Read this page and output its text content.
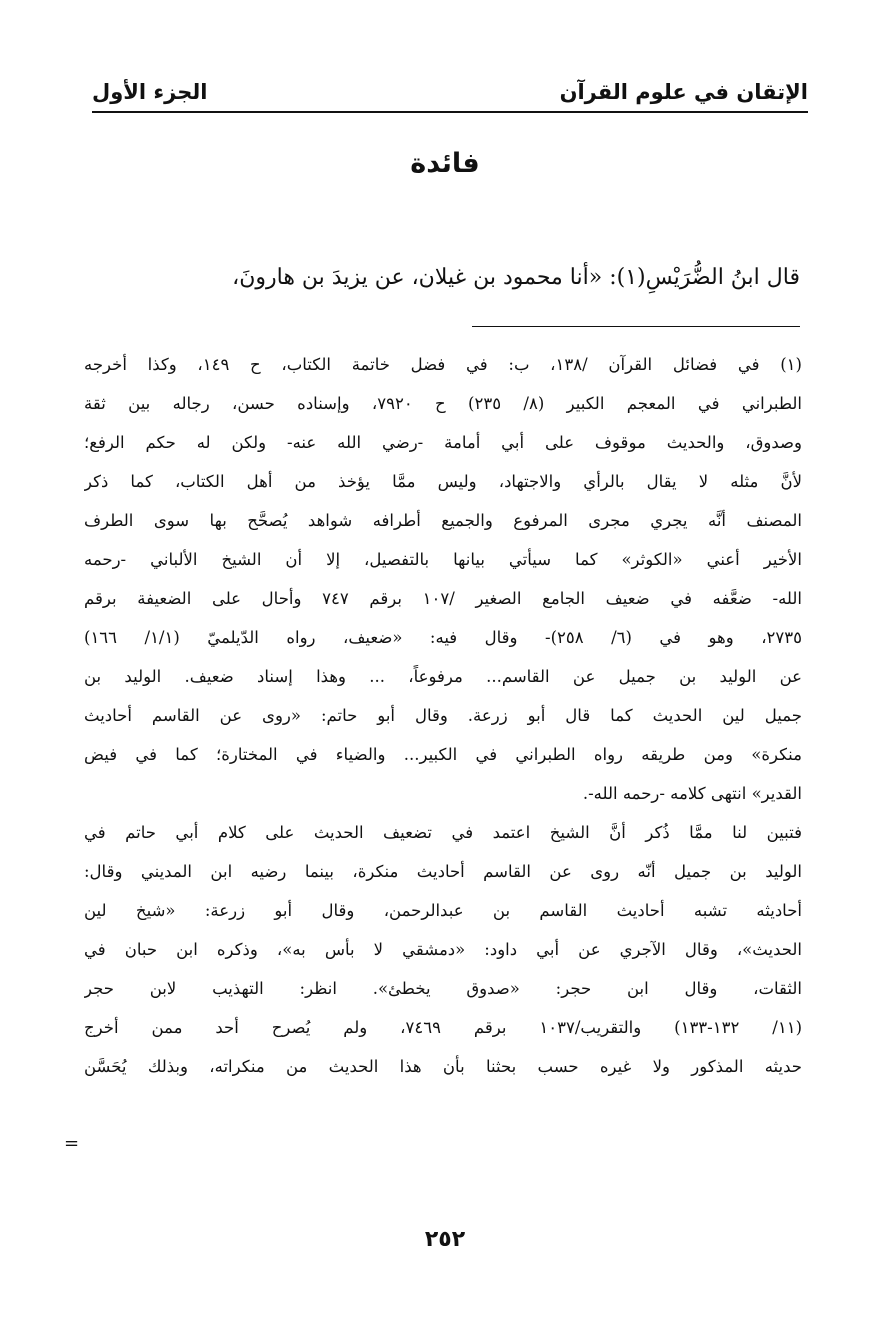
الإتقان في علوم القرآن
الجزء الأول
فائدة
قال ابنُ الضُّرَيْسِ(١): «أنا محمود بن غيلان، عن يزيدَ بن هارونَ،
(١) في فضائل القرآن /١٣٨، ب: في فضل خاتمة الكتاب، ح ١٤٩، وكذا أخرجه
الطبراني في المعجم الكبير (٨/ ٢٣٥) ح ٧٩٢٠، وإسناده حسن، رجاله بين ثقة
وصدوق، والحديث موقوف على أبي أمامة -رضي الله عنه- ولكن له حكم الرفع؛
لأنَّ مثله لا يقال بالرأي والاجتهاد، وليس ممَّا يؤخذ من أهل الكتاب، كما ذكر
المصنف أنَّه يجري مجرى المرفوع والجميع أطرافه شواهد يُصحَّح بها سوى الطرف
الأخير أعني «الكوثر» كما سيأتي بيانها بالتفصيل، إلا أن الشيخ الألباني -رحمه
الله- ضعَّفه في ضعيف الجامع الصغير /١٠٧ برقم ٧٤٧ وأحال على الضعيفة برقم
٢٧٣٥، وهو في (٦/ ٢٥٨)- وقال فيه: «ضعيف، رواه الدّيلميّ (١/١/ ١٦٦)
عن الوليد بن جميل عن القاسم... مرفوعاً، ... وهذا إسناد ضعيف. الوليد بن
جميل لين الحديث كما قال أبو زرعة. وقال أبو حاتم: «روى عن القاسم أحاديث
منكرة» ومن طريقه رواه الطبراني في الكبير... والضياء في المختارة؛ كما في فيض
القدير» انتهى كلامه -رحمه الله-.
فتبين لنا ممَّا ذُكر أنَّ الشيخ اعتمد في تضعيف الحديث على كلام أبي حاتم في
الوليد بن جميل أنّه روى عن القاسم أحاديث منكرة، بينما رضيه ابن المديني وقال:
أحاديثه تشبه أحاديث القاسم بن عبدالرحمن، وقال أبو زرعة: «شيخ لين
الحديث»، وقال الآجري عن أبي داود: «دمشقي لا بأس به»، وذكره ابن حبان في
الثقات، وقال ابن حجر: «صدوق يخطئ». انظر: التهذيب لابن حجر
(١١/ ١٣٢-١٣٣) والتقريب/١٠٣٧ برقم ٧٤٦٩، ولم يُصرح أحد ممن أخرج
حديثه المذكور ولا غيره حسب بحثنا بأن هذا الحديث من منكراته، وبذلك يُحَسَّن
=
٢٥٢
